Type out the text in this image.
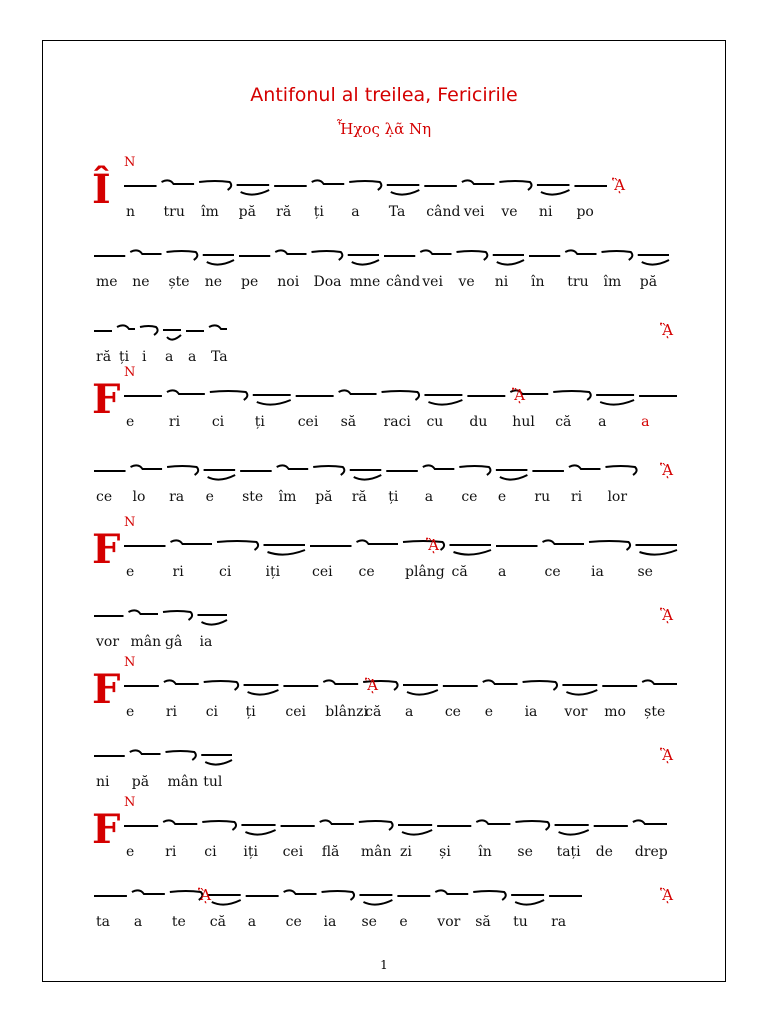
Antifonul al treilea, Fericirile
Ἦχος λ̣ᾶ Νη
Î
N
n tru îm pă ră ți a Ta când vei ve ni po
ᾋ
me ne ște ne pe noi Doa mne când vei ve ni în tru îm pă
ră ți i a a Ta
ᾋ
F
N
e ri ci ți cei să raci cu du hul că a a
ᾋ
ce lo ra e ste îm pă ră ți a ce e ru ri lor
ᾋ
F
N
e	ri	ci iți cei ce plâng că a	ce ia se
ᾋ
vor mân gâ ia
ᾋ
F
N
e ri ci ți cei blânzi
că a ce e ia vor mo ște
ᾋ
ni pă mân tul
ᾋ
F
N
e ri ci iți cei flă mân zi și în se tați de drep
ta a te că a ce ia se e vor să tu ra
ᾋ	ᾋ
1
